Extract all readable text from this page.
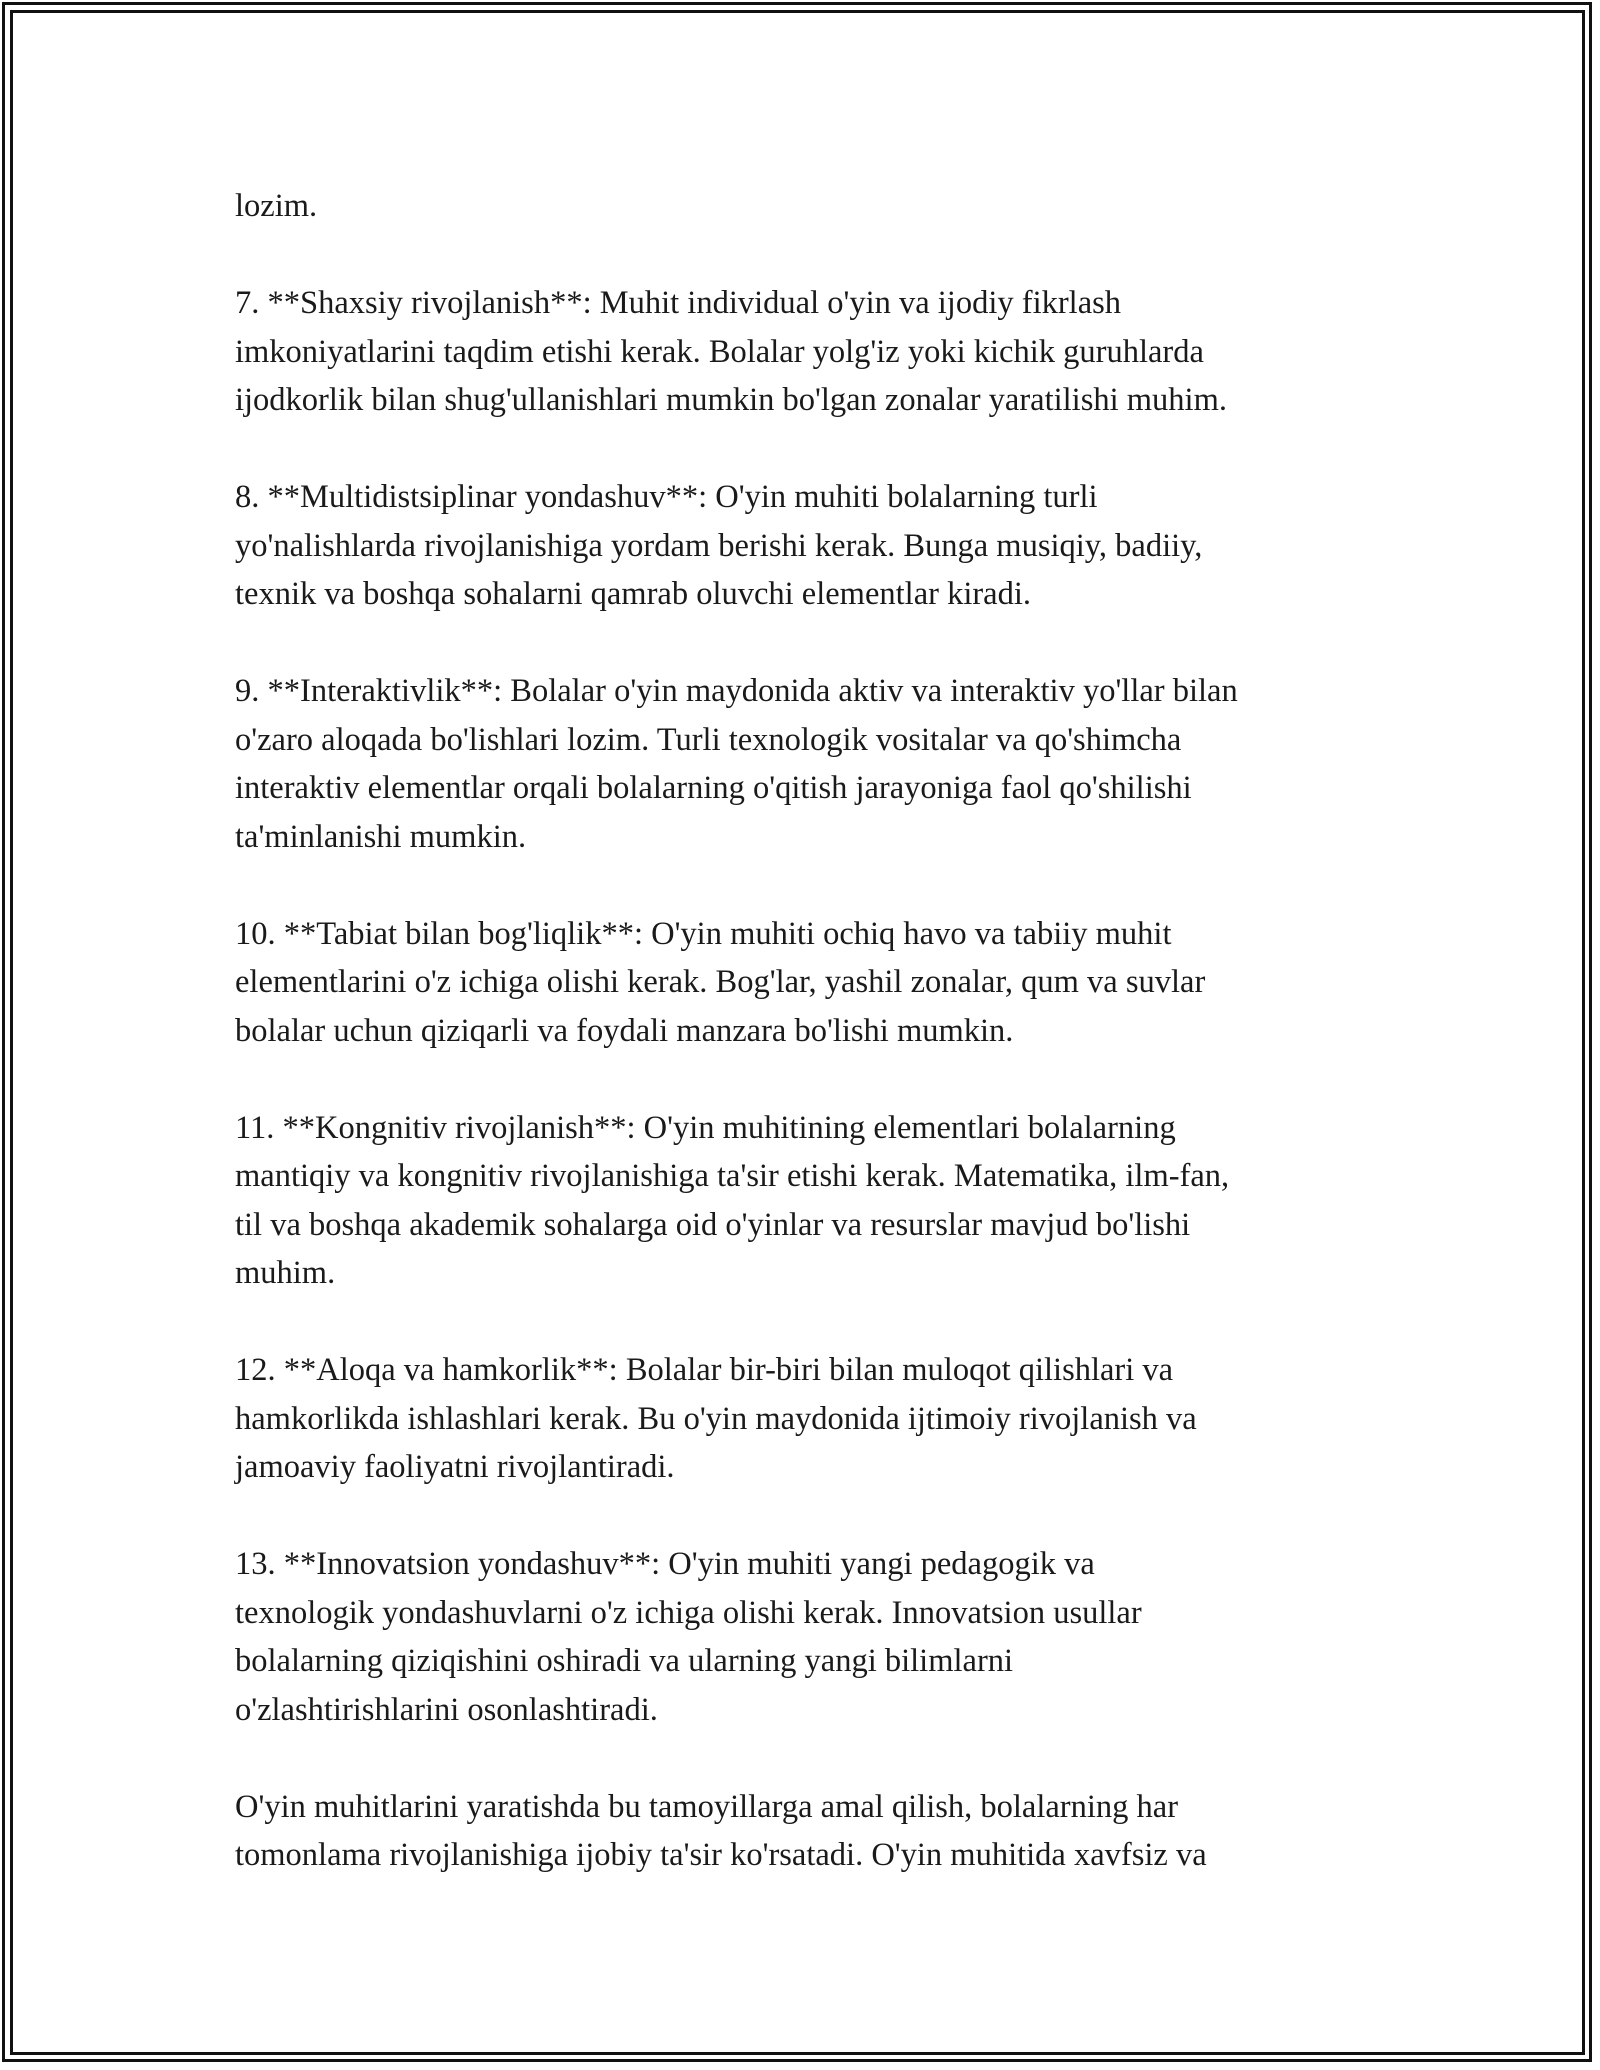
lozim.

7. **Shaxsiy rivojlanish**: Muhit individual o'yin va ijodiy fikrlash
imkoniyatlarini taqdim etishi kerak. Bolalar yolg'iz yoki kichik guruhlarda
ijodkorlik bilan shug'ullanishlari mumkin bo'lgan zonalar yaratilishi muhim.

8. **Multidistsiplinar yondashuv**: O'yin muhiti bolalarning turli
yo'nalishlarda rivojlanishiga yordam berishi kerak. Bunga musiqiy, badiiy,
texnik va boshqa sohalarni qamrab oluvchi elementlar kiradi.

9. **Interaktivlik**: Bolalar o'yin maydonida aktiv va interaktiv yo'llar bilan
o'zaro aloqada bo'lishlari lozim. Turli texnologik vositalar va qo'shimcha
interaktiv elementlar orqali bolalarning o'qitish jarayoniga faol qo'shilishi
ta'minlanishi mumkin.

10. **Tabiat bilan bog'liqlik**: O'yin muhiti ochiq havo va tabiiy muhit
elementlarini o'z ichiga olishi kerak. Bog'lar, yashil zonalar, qum va suvlar
bolalar uchun qiziqarli va foydali manzara bo'lishi mumkin.

11. **Kongnitiv rivojlanish**: O'yin muhitining elementlari bolalarning
mantiqiy va kongnitiv rivojlanishiga ta'sir etishi kerak. Matematika, ilm-fan,
til va boshqa akademik sohalarga oid o'yinlar va resurslar mavjud bo'lishi
muhim.

12. **Aloqa va hamkorlik**: Bolalar bir-biri bilan muloqot qilishlari va
hamkorlikda ishlashlari kerak. Bu o'yin maydonida ijtimoiy rivojlanish va
jamoaviy faoliyatni rivojlantiradi.

13. **Innovatsion yondashuv**: O'yin muhiti yangi pedagogik va
texnologik yondashuvlarni o'z ichiga olishi kerak. Innovatsion usullar
bolalarning qiziqishini oshiradi va ularning yangi bilimlarni
o'zlashtirishlarini osonlashtiradi.

O'yin muhitlarini yaratishda bu tamoyillarga amal qilish, bolalarning har
tomonlama rivojlanishiga ijobiy ta'sir ko'rsatadi. O'yin muhitida xavfsiz va
